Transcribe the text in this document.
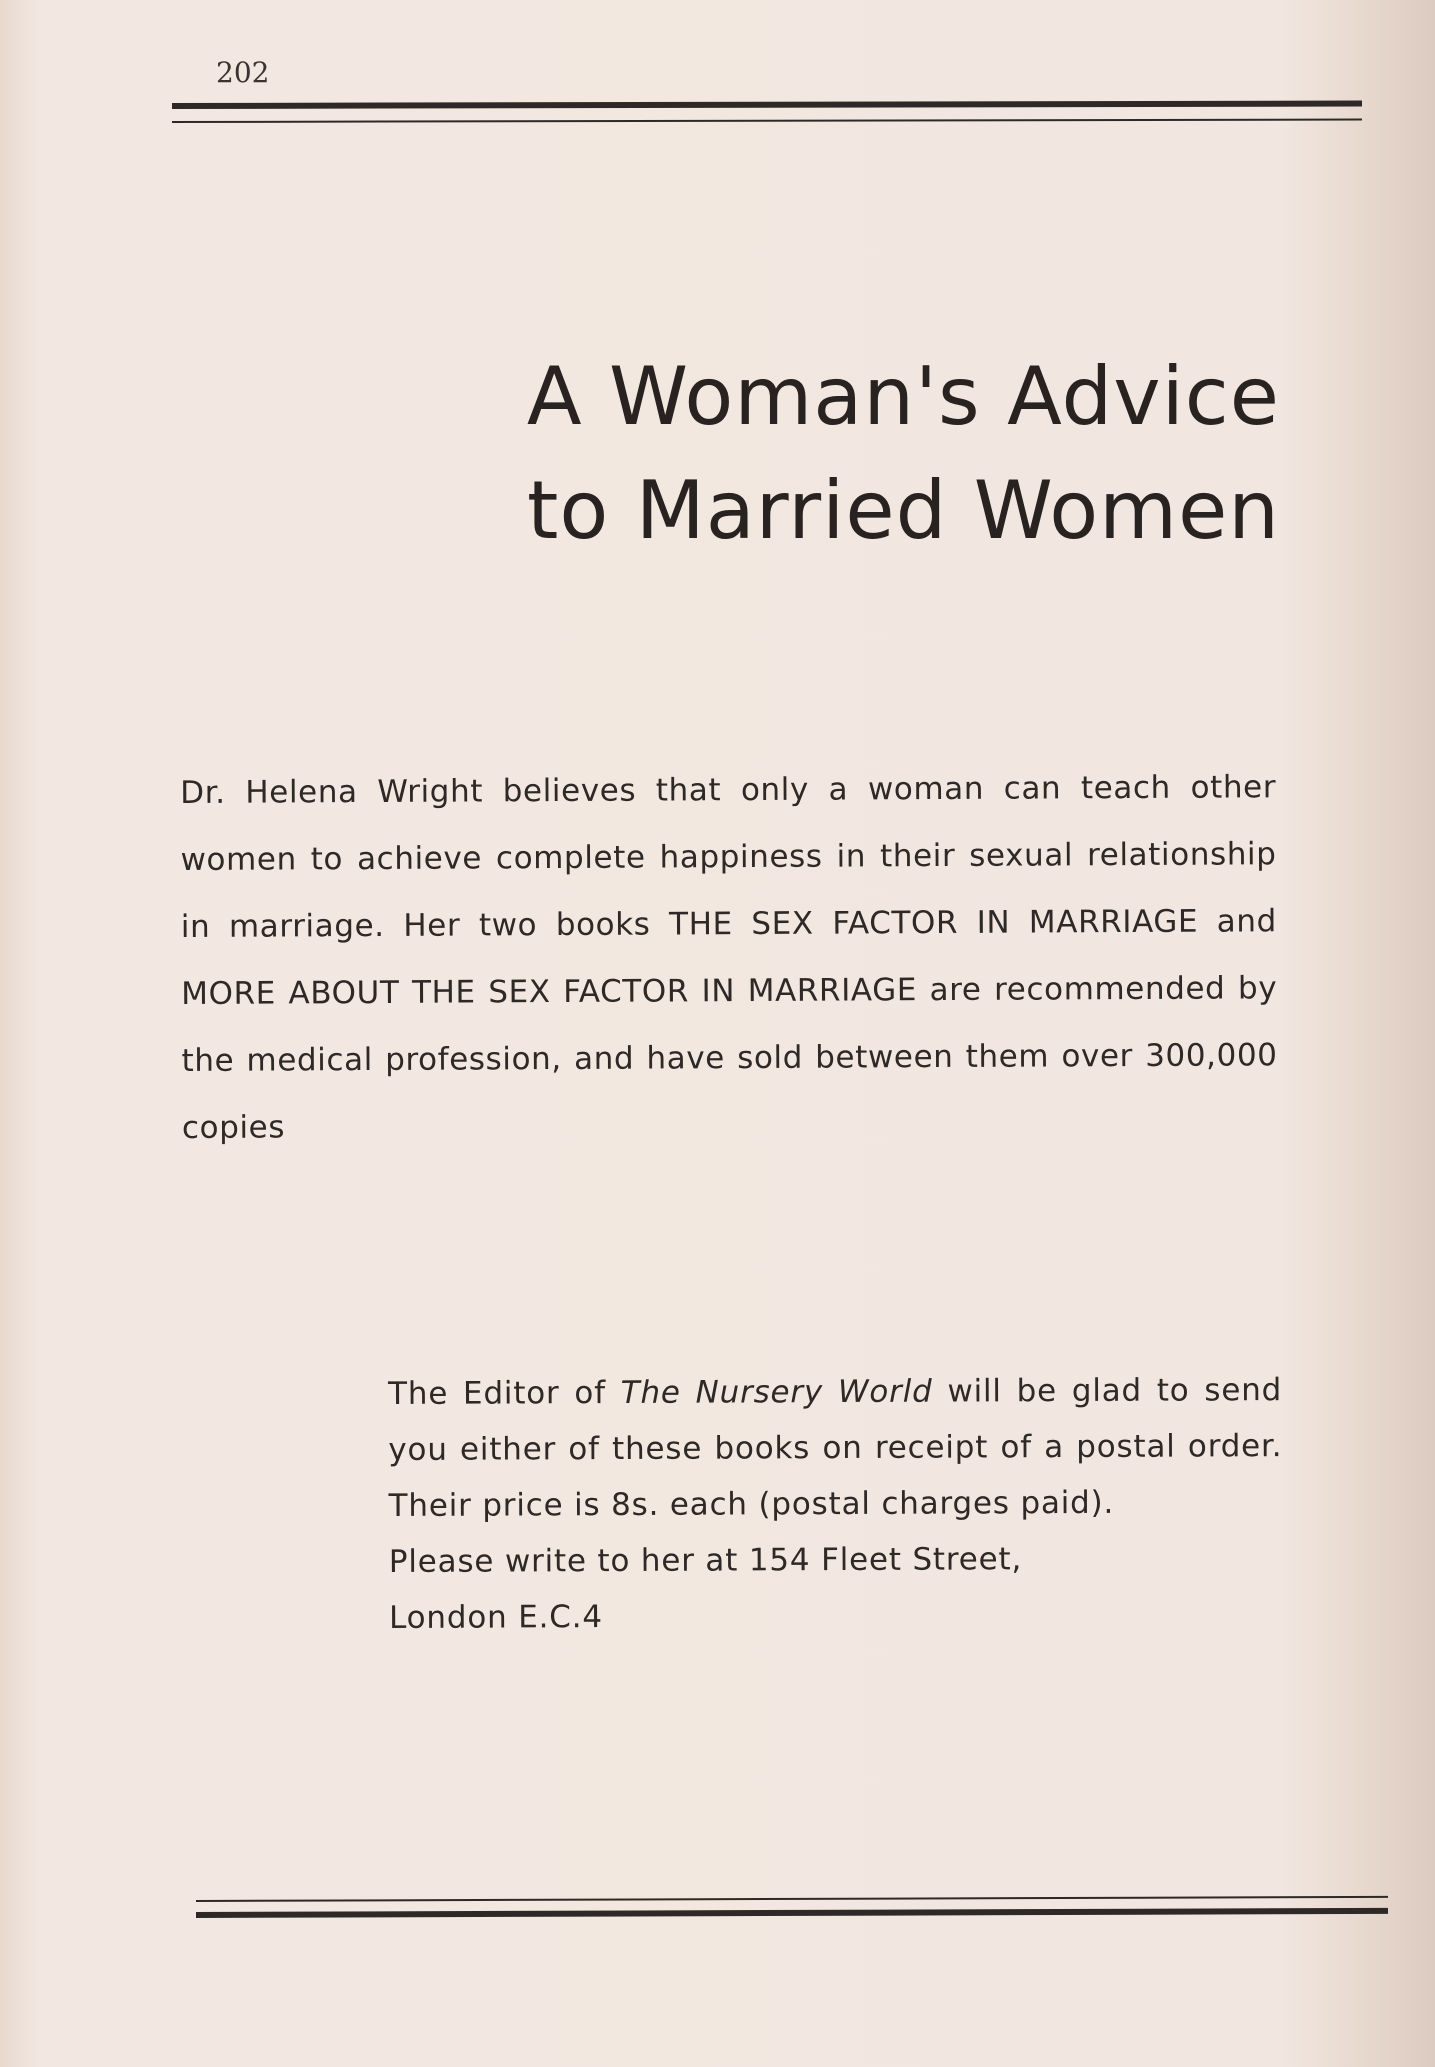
202
A Woman's Advice
to Married Women

Dr. Helena Wright believes that only a woman can teach other women to achieve complete happiness in their sexual relationship in marriage. Her two books THE SEX FACTOR IN MARRIAGE and MORE ABOUT THE SEX FACTOR IN MARRIAGE are recommended by the medical profession, and have sold between them over 300,000 copies

The Editor of The Nursery World will be glad to send you either of these books on receipt of a postal order. Their price is 8s. each (postal charges paid).

Please write to her at 154 Fleet Street,

London E.C.4
